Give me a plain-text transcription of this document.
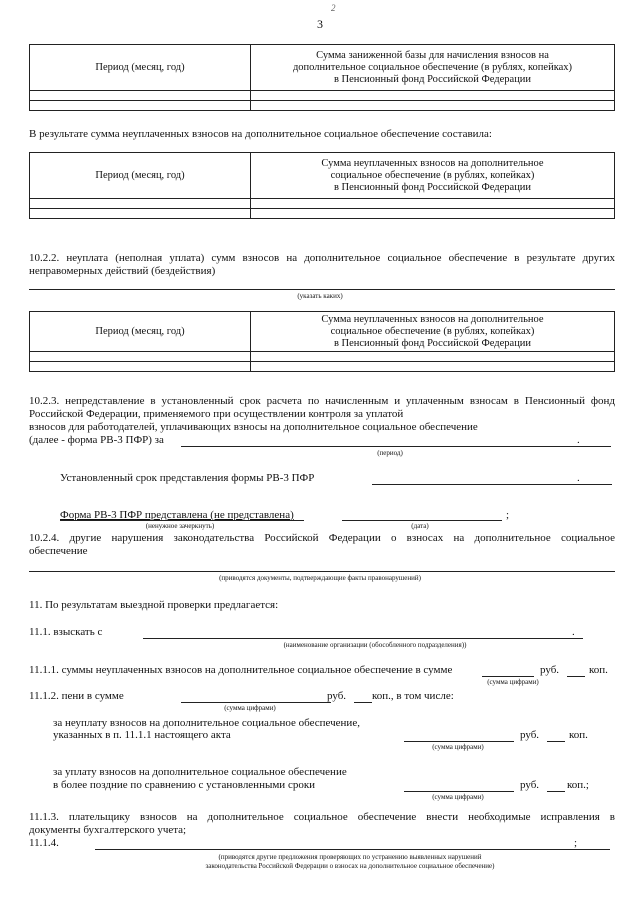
2
3
Период (месяц, год)	Сумма заниженной базы для начисления взносов на
дополнительное социальное обеспечение (в рублях, копейках)
в Пенсионный фонд Российской Федерации

В результате сумма неуплаченных взносов на дополнительное социальное обеспечение составила:
Период (месяц, год)	Сумма неуплаченных взносов на дополнительное
социальное обеспечение (в рублях, копейках)
в Пенсионный фонд Российской Федерации

10.2.2. неуплата (неполная уплата) сумм взносов на дополнительное социальное обеспечение в результате других
неправомерных действий (бездействия)
(указать каких)
Период (месяц, год)	Сумма неуплаченных взносов на дополнительное
социальное обеспечение (в рублях, копейках)
в Пенсионный фонд Российской Федерации

10.2.3. непредставление в установленный срок расчета по начисленным и уплаченным взносам в Пенсионный фонд
Российской Федерации, применяемого при осуществлении контроля за уплатой
взносов для работодателей, уплачивающих взносы на дополнительное социальное обеспечение
(далее - форма РВ-3 ПФР) за	.
(период)
Установленный срок представления формы РВ-3 ПФР	.
Форма РВ-3 ПФР представлена (не представлена)	;
(ненужное зачеркнуть)	(дата)
10.2.4. другие нарушения законодательства Российской Федерации о взносах на дополнительное социальное
обеспечение
(приводятся документы, подтверждающие факты правонарушений)
11. По результатам выездной проверки предлагается:
11.1. взыскать с	.
(наименование организации (обособленного подразделения))
11.1.1. суммы неуплаченных взносов на дополнительное социальное обеспечение в сумме	руб.	коп.
(сумма цифрами)
11.1.2. пени в сумме	руб. коп., в том числе:
(сумма цифрами)
за неуплату взносов на дополнительное социальное обеспечение,
указанных в п. 11.1.1 настоящего акта	руб.	коп.
(сумма цифрами)
за уплату взносов на дополнительное социальное обеспечение
в более поздние по сравнению с установленными сроки	руб.	коп.;
(сумма цифрами)
11.1.3. плательщику взносов на дополнительное социальное обеспечение внести необходимые исправления в
документы бухгалтерского учета;
11.1.4.	;
(приводятся другие предложения проверяющих по устранению выявленных нарушений
законодательства Российской Федерации о взносах на дополнительное социальное обеспечение)
